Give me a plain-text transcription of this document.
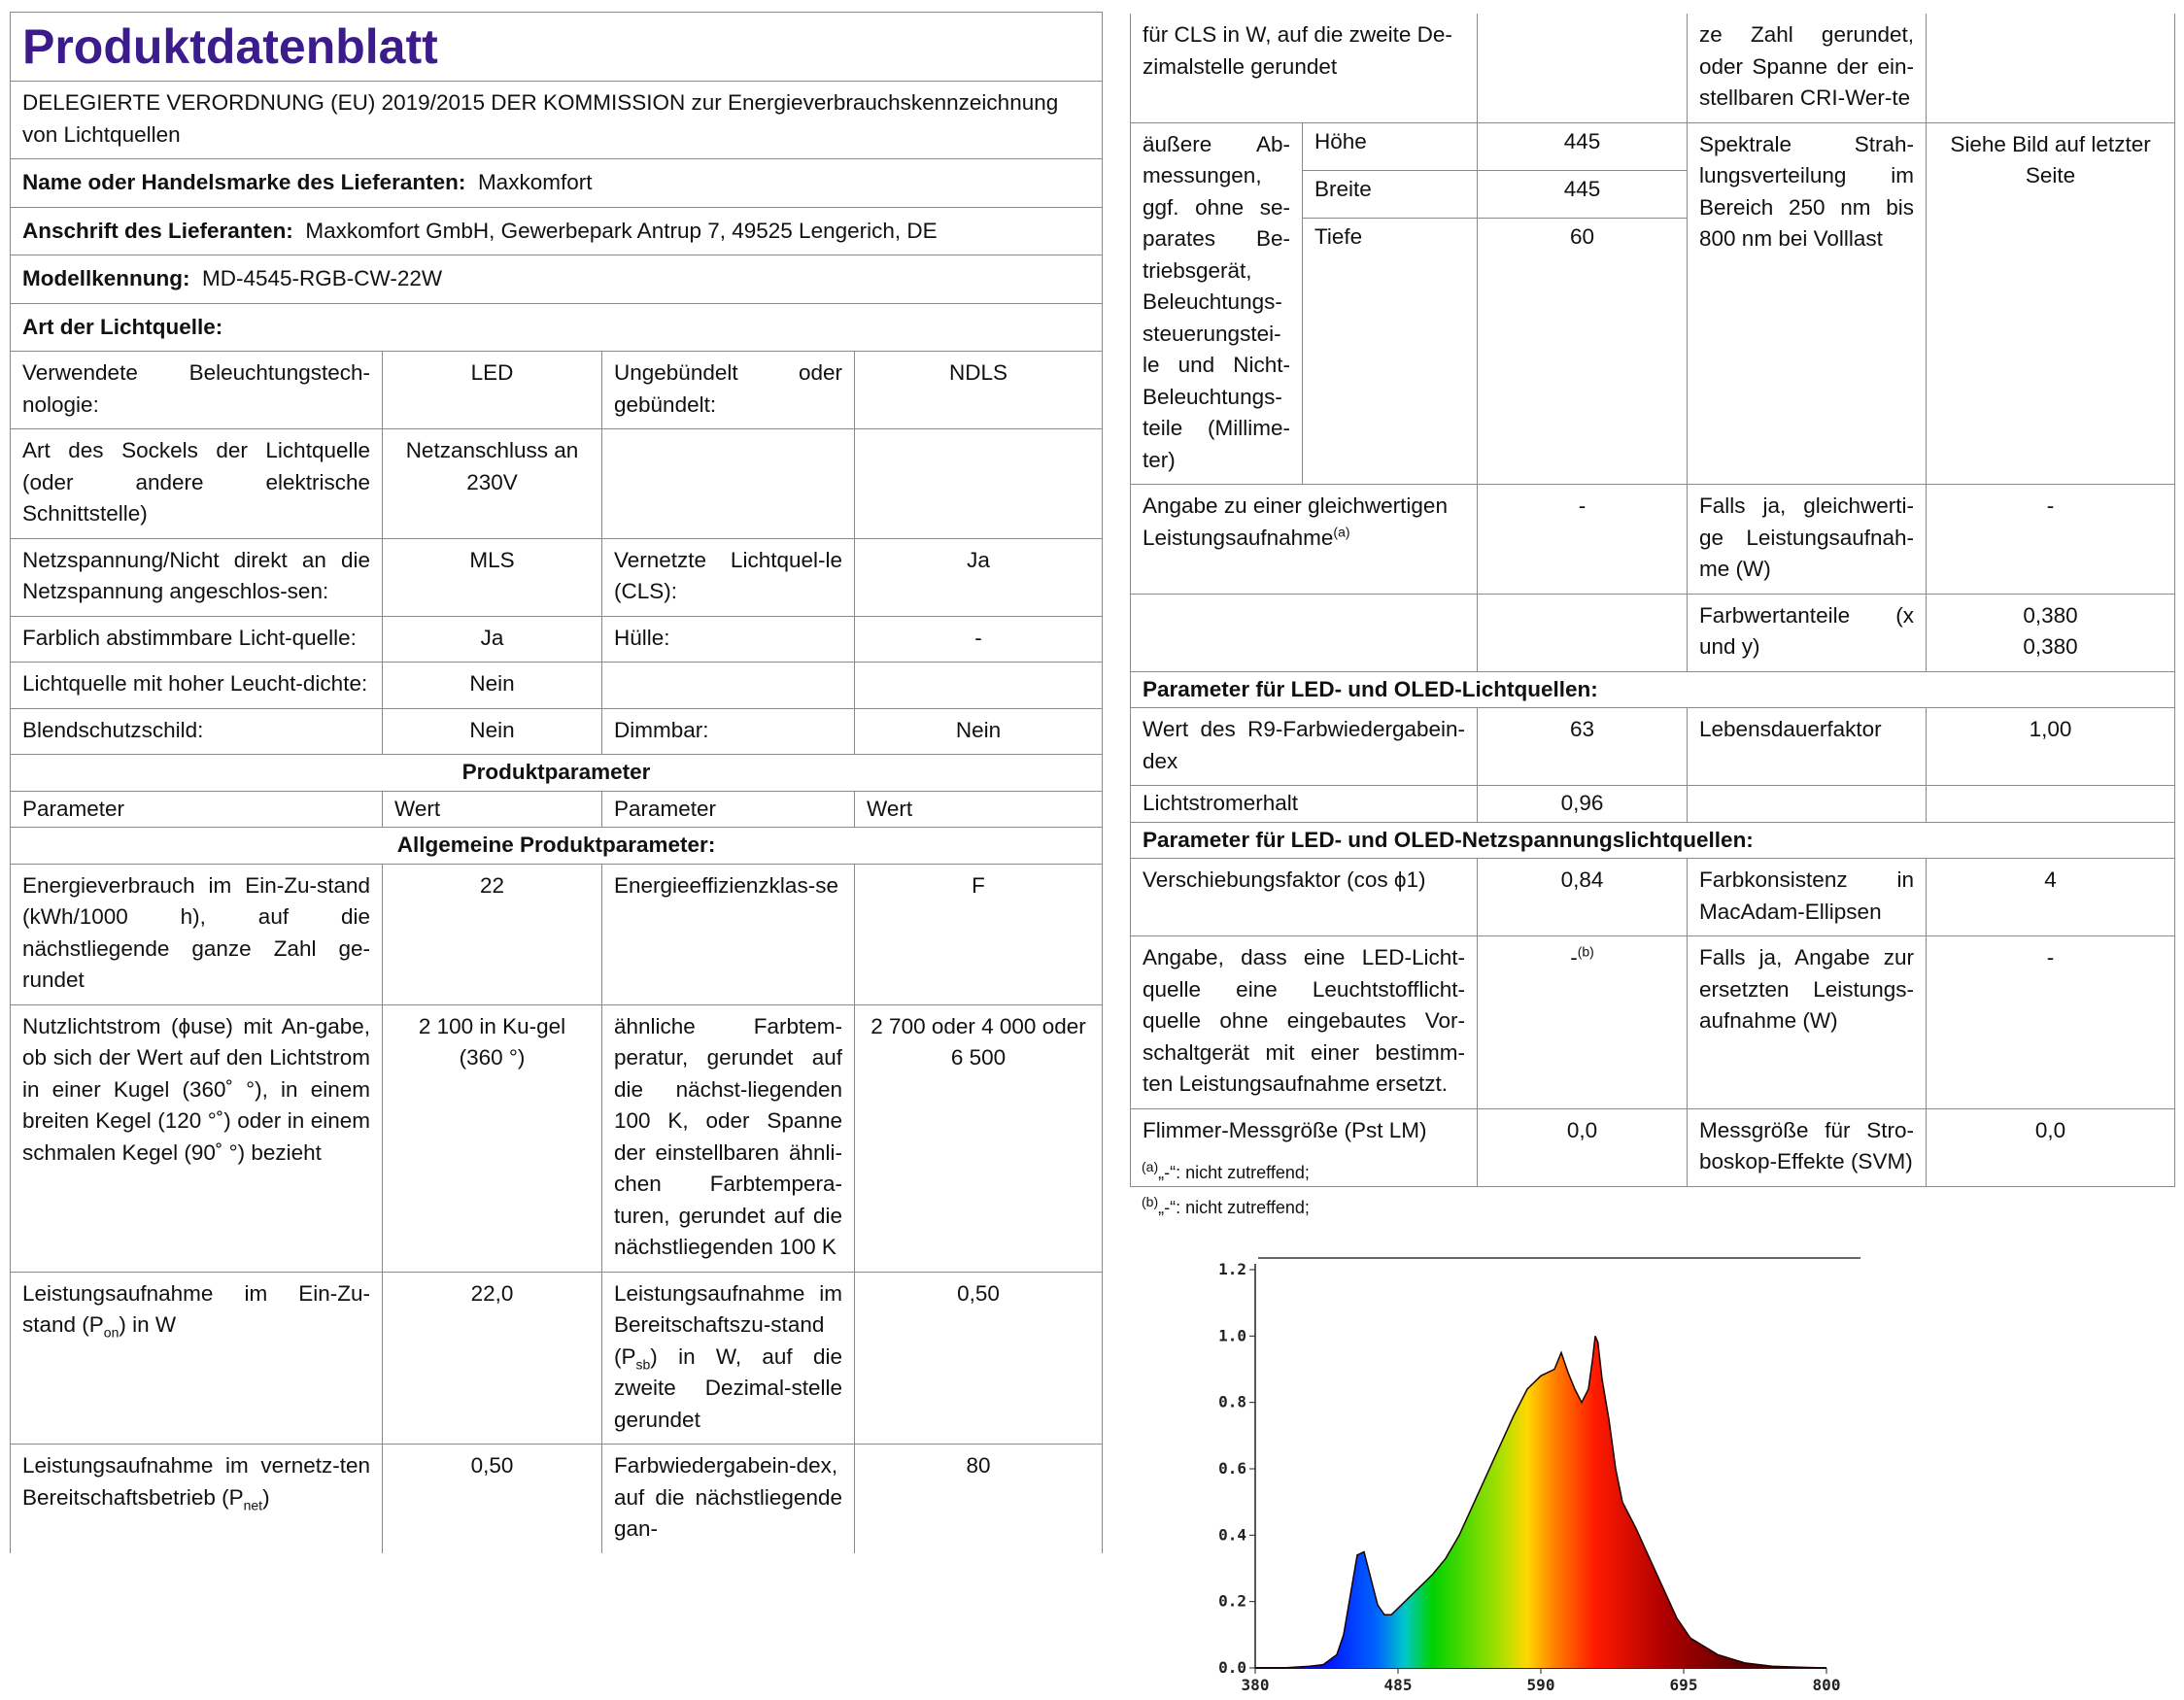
Produktdatenblatt			
DELEGIERTE VERORDNUNG (EU) 2019/2015 DER KOMMISSION zur Energieverbrauchskennzeichnung von Lichtquellen			
Name oder Handelsmarke des Lieferanten: Maxkomfort			
Anschrift des Lieferanten: Maxkomfort GmbH, Gewerbepark Antrup 7, 49525 Lengerich, DE			
Modellkennung: MD-4545-RGB-CW-22W			
Art der Lichtquelle:			
Verwendete Beleuchtungstech-nologie:	LED	Ungebündelt oder gebündelt:	NDLS
Art des Sockels der Lichtquelle (oder andere elektrische Schnittstelle)	Netzanschluss an 230V		
Netzspannung/Nicht direkt an die Netzspannung angeschlos-sen:	MLS	Vernetzte Lichtquel-le (CLS):	Ja
Farblich abstimmbare Licht-quelle:	Ja	Hülle:	-
Lichtquelle mit hoher Leucht-dichte:	Nein		
Blendschutzschild:	Nein	Dimmbar:	Nein
Produktparameter			
Parameter	Wert	Parameter	Wert
Allgemeine Produktparameter:			
Energieverbrauch im Ein-Zu-stand (kWh/1000 h), auf die nächstliegende ganze Zahl ge-rundet	22	Energieeffizienzklas-se	F
Nutzlichtstrom (ϕuse) mit An-gabe, ob sich der Wert auf den Lichtstrom in einer Kugel (360˚ °), in einem breiten Kegel (120 °˚) oder in einem schmalen Kegel (90˚ °) bezieht	2 100 in Ku-gel (360 °)	ähnliche Farbtem-peratur, gerundet auf die nächst-liegenden 100 K, oder Spanne der einstellbaren ähnli-chen Farbtempera-turen, gerundet auf die nächstliegenden 100 K	2 700 oder 4 000 oder 6 500
Leistungsaufnahme im Ein-Zu-stand $(P_{on})$ in W	22,0	Leistungsaufnahme im Bereitschaftszu-stand $(P_{sb})$ in W, auf die zweite Dezimal-stelle gerundet	0,50
Leistungsaufnahme im vernetz-ten Bereitschaftsbetrieb $(P_{net})$	0,50	Farbwiedergabein-dex, auf die nächstliegende gan-	80
für CLS in W, auf die zweite De-zimalstelle gerundet			ze Zahl gerundet, oder Spanne der ein-stellbaren CRI-Wer-te	
äußere Ab-messungen, ggf. ohne se-parates Be-triebsgerät, Beleuchtungs-steuerungstei-le und Nicht-Beleuchtungs-teile (Millime-ter)	Höhe	445	Spektrale Strah-lungsverteilung im Bereich 250 nm bis 800 nm bei Volllast	Siehe Bild auf letzter Seite
	Breite	445		
	Tiefe	60		
Angabe zu einer gleichwertigen Leistungsaufnahme$^{(a)}$		-	Falls ja, gleichwerti-ge Leistungsaufnah-me (W)	-
			Farbwertanteile (x und y)	0,380
0,380

Parameter für LED- und OLED-Lichtquellen:				
Wert des R9-Farbwiedergabein-dex		63	Lebensdauerfaktor	1,00
Lichtstromerhalt		0,96		
Parameter für LED- und OLED-Netzspannungslichtquellen:				
Verschiebungsfaktor (cos ϕ1)		0,84	Farbkonsistenz in MacAdam-Ellipsen	4
Angabe, dass eine LED-Licht-quelle eine Leuchtstofflicht-quelle ohne eingebautes Vor-schaltgerät mit einer bestimm-ten Leistungsaufnahme ersetzt.		-$^{(b)}$	Falls ja, Angabe zur ersetzten Leistungs-aufnahme (W)	-
Flimmer-Messgröße (Pst LM)		0,0	Messgröße für Stro-boskop-Effekte (SVM)	0,0
$^{(a)}$„-“: nicht zutreffend;
$^{(b)}$„-“: nicht zutreffend;
0.0
0.2
0.4
0.6
0.8
1.0
1.2
380	485	590	695	800
